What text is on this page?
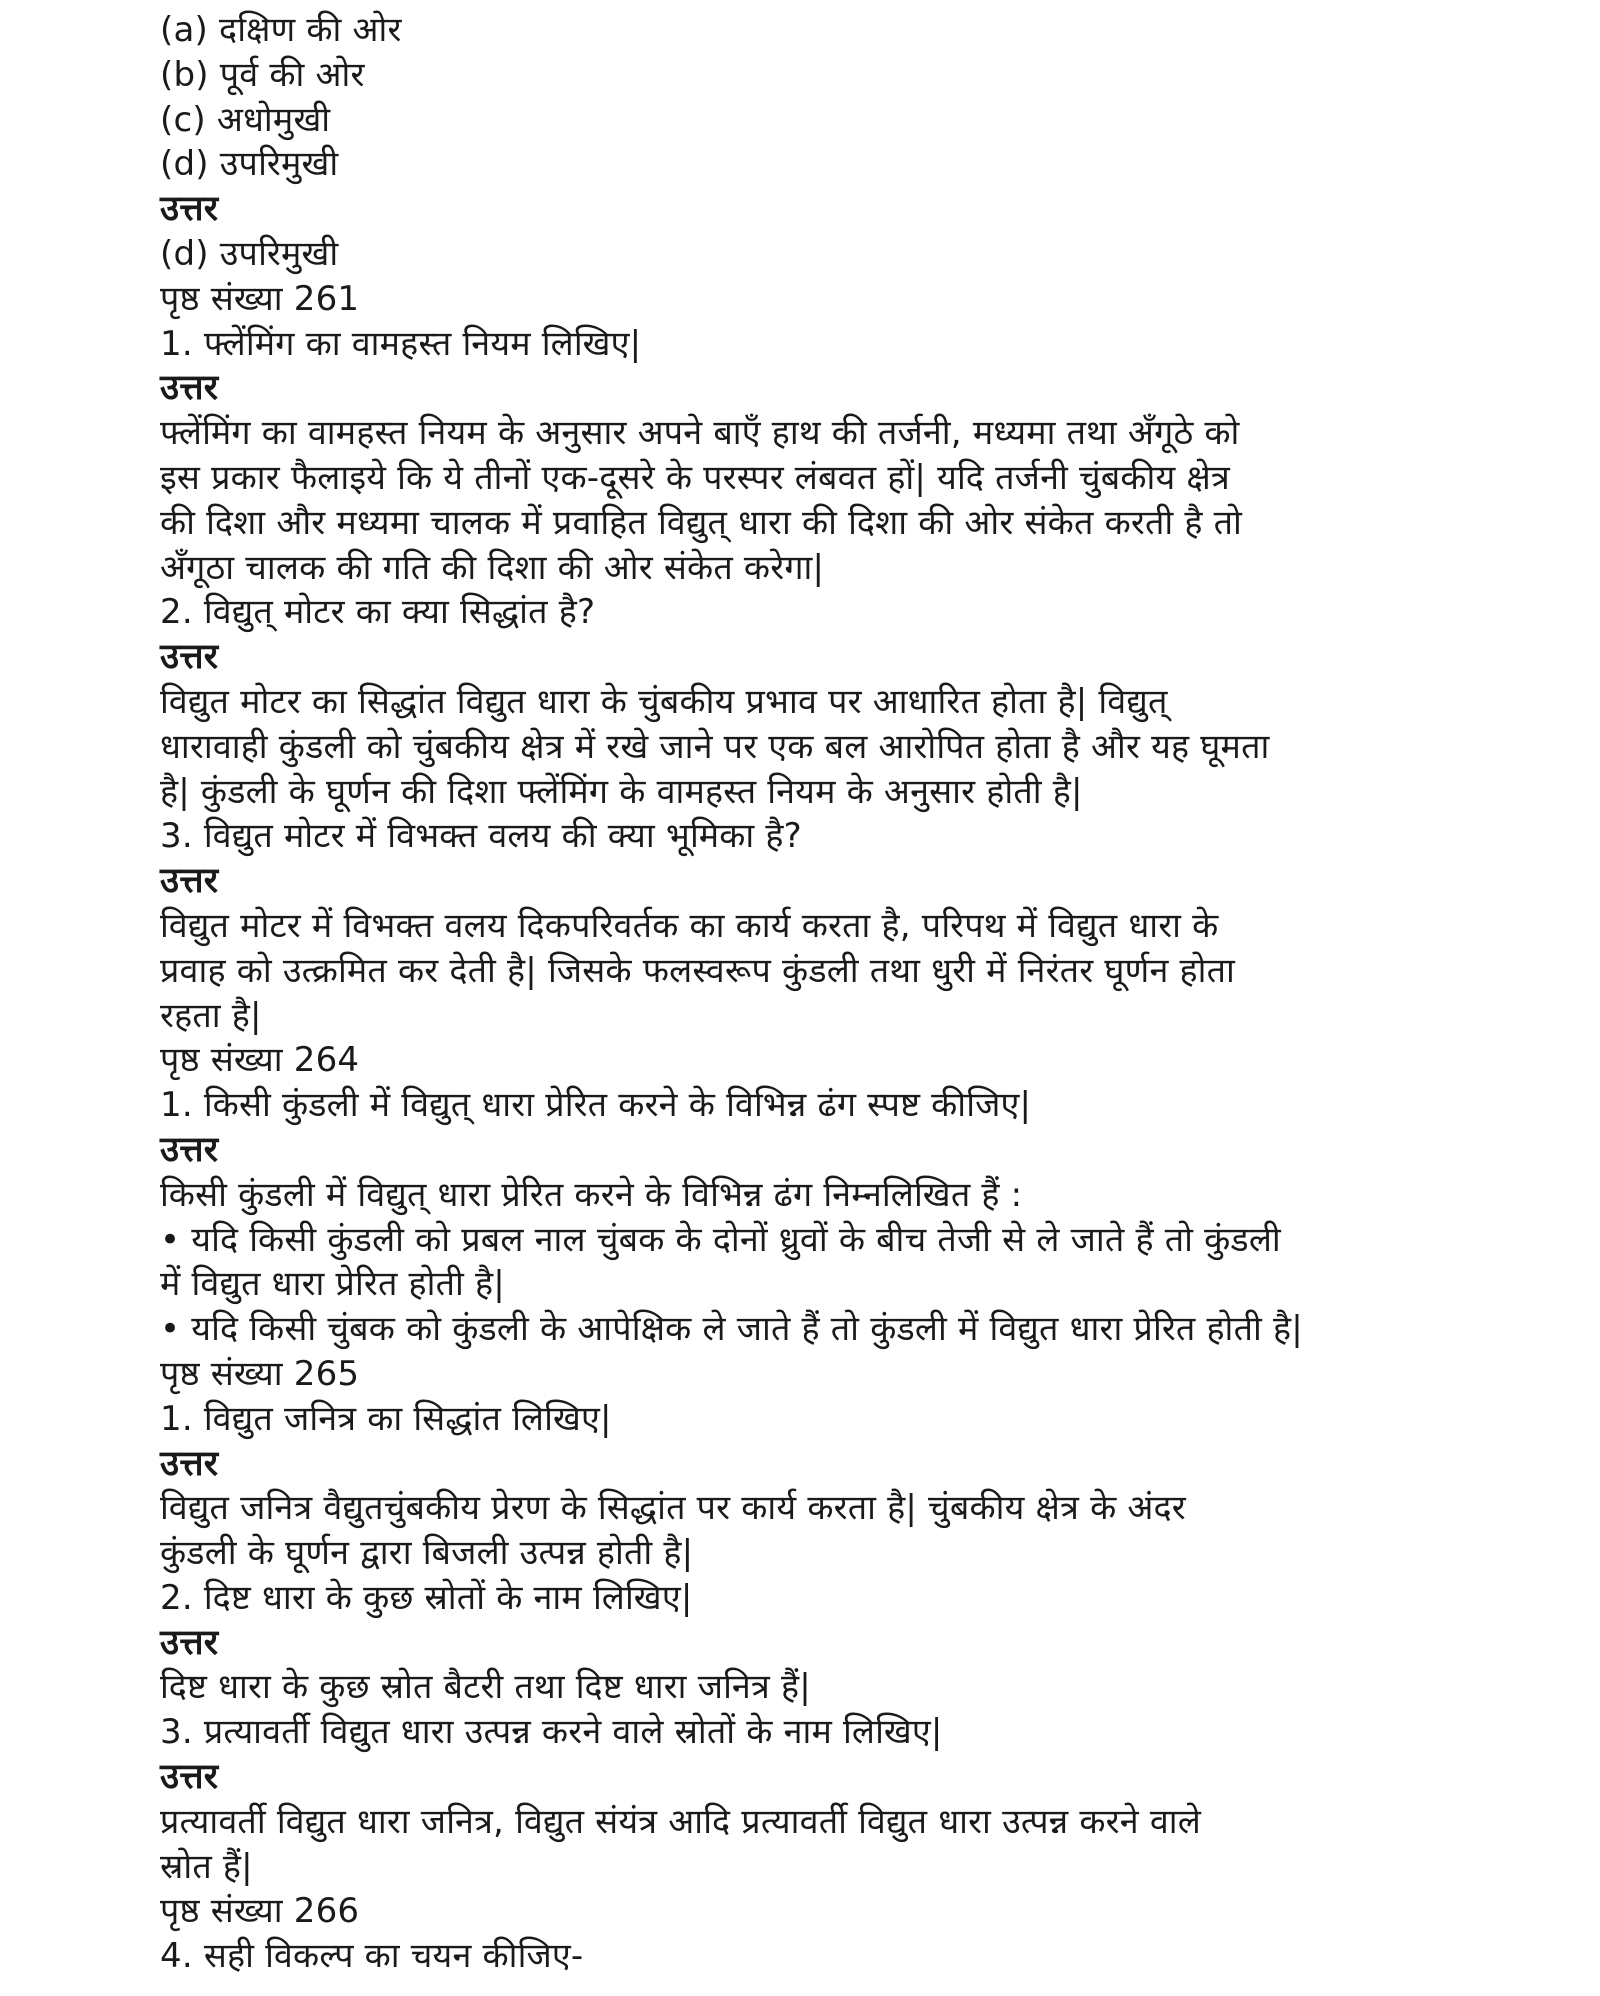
(a) दक्षिण की ओर
(b) पूर्व की ओर
(c) अधोमुखी
(d) उपरिमुखी
उत्तर
(d) उपरिमुखी
पृष्ठ संख्या 261
1. फ्लेंमिंग का वामहस्त नियम लिखिए|
उत्तर
फ्लेंमिंग का वामहस्त नियम के अनुसार अपने बाएँ हाथ की तर्जनी, मध्यमा तथा अँगूठे को
इस प्रकार फैलाइये कि ये तीनों एक-दूसरे के परस्पर लंबवत हों| यदि तर्जनी चुंबकीय क्षेत्र
की दिशा और मध्यमा चालक में प्रवाहित विद्युत् धारा की दिशा की ओर संकेत करती है तो
अँगूठा चालक की गति की दिशा की ओर संकेत करेगा|
2. विद्युत् मोटर का क्या सिद्धांत है?
उत्तर
विद्युत मोटर का सिद्धांत विद्युत धारा के चुंबकीय प्रभाव पर आधारित होता है| विद्युत्
धारावाही कुंडली को चुंबकीय क्षेत्र में रखे जाने पर एक बल आरोपित होता है और यह घूमता
है| कुंडली के घूर्णन की दिशा फ्लेंमिंग के वामहस्त नियम के अनुसार होती है|
3. विद्युत मोटर में विभक्त वलय की क्या भूमिका है?
उत्तर
विद्युत मोटर में विभक्त वलय दिकपरिवर्तक का कार्य करता है, परिपथ में विद्युत धारा के
प्रवाह को उत्क्रमित कर देती है| जिसके फलस्वरूप कुंडली तथा धुरी में निरंतर घूर्णन होता
रहता है|
पृष्ठ संख्या 264
1. किसी कुंडली में विद्युत् धारा प्रेरित करने के विभिन्न ढंग स्पष्ट कीजिए|
उत्तर
किसी कुंडली में विद्युत् धारा प्रेरित करने के विभिन्न ढंग निम्नलिखित हैं :
• यदि किसी कुंडली को प्रबल नाल चुंबक के दोनों ध्रुवों के बीच तेजी से ले जाते हैं तो कुंडली
में विद्युत धारा प्रेरित होती है|
• यदि किसी चुंबक को कुंडली के आपेक्षिक ले जाते हैं तो कुंडली में विद्युत धारा प्रेरित होती है|
पृष्ठ संख्या 265
1. विद्युत जनित्र का सिद्धांत लिखिए|
उत्तर
विद्युत जनित्र वैद्युतचुंबकीय प्रेरण के सिद्धांत पर कार्य करता है| चुंबकीय क्षेत्र के अंदर
कुंडली के घूर्णन द्वारा बिजली उत्पन्न होती है|
2. दिष्ट धारा के कुछ स्रोतों के नाम लिखिए|
उत्तर
दिष्ट धारा के कुछ स्रोत बैटरी तथा दिष्ट धारा जनित्र हैं|
3. प्रत्यावर्ती विद्युत धारा उत्पन्न करने वाले स्रोतों के नाम लिखिए|
उत्तर
प्रत्यावर्ती विद्युत धारा जनित्र, विद्युत संयंत्र आदि प्रत्यावर्ती विद्युत धारा उत्पन्न करने वाले
स्रोत हैं|
पृष्ठ संख्या 266
4. सही विकल्प का चयन कीजिए-
